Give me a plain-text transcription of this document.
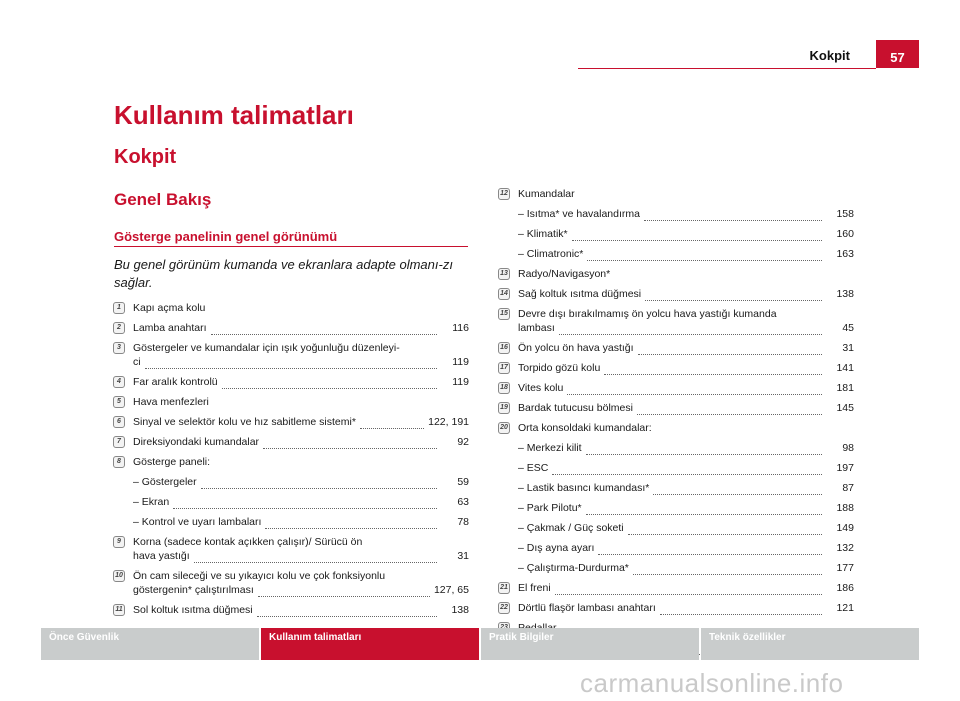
Kokpit	57
Kullanım talimatları
Kokpit
Genel Bakış
Gösterge panelinin genel görünümü

Bu genel görünüm kumanda ve ekranlara adapte olmanı-zı sağlar.

1	Kapı açma kolu
2	Lamba anahtarı	116
3	Göstergeler ve kumandalar için ışık yoğunluğu düzenleyi-
ci	119
4	Far aralık kontrolü	119
5	Hava menfezleri
6	Sinyal ve selektör kolu ve hız sabitleme sistemi*	122, 191
7	Direksiyondaki kumandalar	92
8	Gösterge paneli:
– Göstergeler	59
– Ekran	63
– Kontrol ve uyarı lambaları	78
9	Korna (sadece kontak açıkken çalışır)/ Sürücü ön
hava yastığı	31
10 Ön cam sileceği ve su yıkayıcı kolu ve çok fonksiyonlu
göstergenin* çalıştırılması	127, 65
11 Sol koltuk ısıtma düğmesi	138
12 Kumandalar
– Isıtma* ve havalandırma	158
– Klimatik*	160
– Climatronic*	163
13 Radyo/Navigasyon*
14 Sağ koltuk ısıtma düğmesi	138
15 Devre dışı bırakılmamış ön yolcu hava yastığı kumanda
lambası	45
16 Ön yolcu ön hava yastığı	31
17 Torpido gözü kolu	141
18 Vites kolu	181
19 Bardak tutucusu bölmesi	145
20 Orta konsoldaki kumandalar:
– Merkezi kilit	98
– ESC	197
– Lastik basıncı kumandası*	87
– Park Pilotu*	188
– Çakmak / Güç soketi	149
– Dış ayna ayarı	132
– Çalıştırma-Durdurma*	177
21 El freni	186
22 Dörtlü flaşör lambası anahtarı	121
Önce Güvenlik	Kullanım talimatları	Pratik Bilgiler	Teknik özellikler
carmanualsonline.info
